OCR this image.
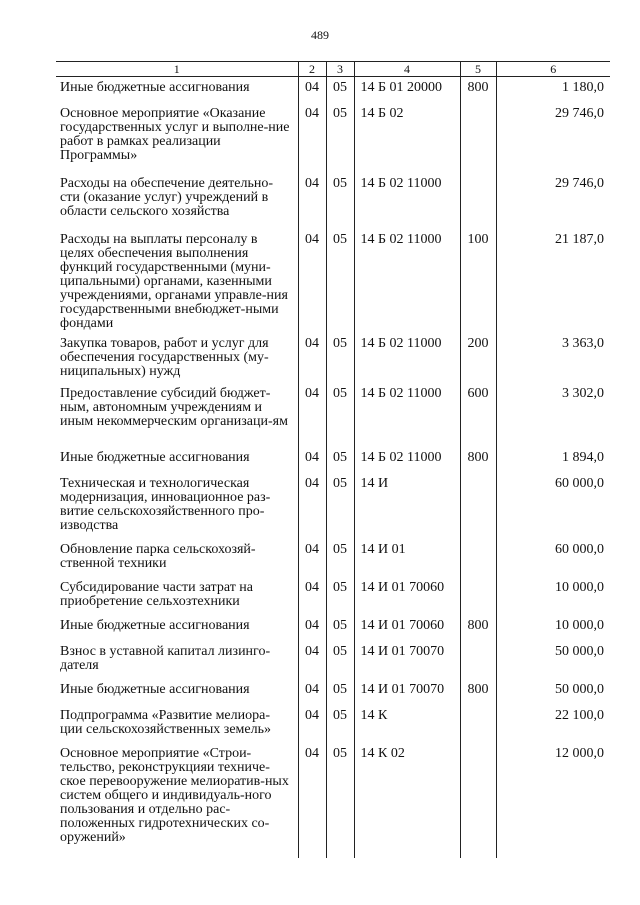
489
1	2	3	4	5	6
Иные бюджетные ассигнования	04	05	14 Б 01 20000	800	1 180,0
Основное мероприятие «Оказание государственных услуг и выполне-ние работ в рамках реализации Программы»	04	05	14 Б 02		29 746,0
Расходы на обеспечение деятельно-сти (оказание услуг) учреждений в области сельского хозяйства	04	05	14 Б 02 11000		29 746,0
Расходы на выплаты персоналу в целях обеспечения выполнения функций государственными (муни-ципальными) органами, казенными учреждениями, органами управле-ния государственными внебюджет-ными фондами	04	05	14 Б 02 11000	100	21 187,0
Закупка товаров, работ и услуг для обеспечения государственных (му-ниципальных) нужд	04	05	14 Б 02 11000	200	3 363,0
Предоставление субсидий бюджет-ным, автономным учреждениям и иным некоммерческим организаци-ям	04	05	14 Б 02 11000	600	3 302,0
Иные бюджетные ассигнования	04	05	14 Б 02 11000	800	1 894,0
Техническая и технологическая модернизация, инновационное раз-витие сельскохозяйственного про-изводства	04	05	14 И		60 000,0
Обновление парка сельскохозяй-ственной техники	04	05	14 И 01		60 000,0
Субсидирование части затрат на приобретение сельхозтехники	04	05	14 И 01 70060		10 000,0
Иные бюджетные ассигнования	04	05	14 И 01 70060	800	10 000,0
Взнос в уставной капитал лизинго-дателя	04	05	14 И 01 70070		50 000,0
Иные бюджетные ассигнования	04	05	14 И 01 70070	800	50 000,0
Подпрограмма «Развитие мелиора-ции сельскохозяйственных земель»	04	05	14 К		22 100,0
Основное мероприятие «Строи-тельство, реконструкцияи техниче-ское перевооружение мелиоратив-ных систем общего и индивидуаль-ного пользования и отдельно рас-положенных гидротехнических со-оружений»	04	05	14 К 02		12 000,0
